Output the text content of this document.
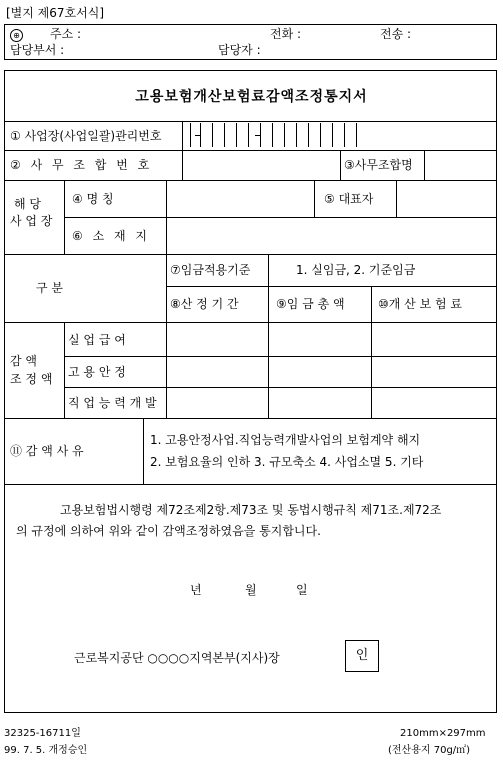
[별지 제67호서식]
⊕	주소 :	전화 :	전송 :
담당부서 :	담당자 :
고용보험개산보험료감액조정통지서
① 사업장(사업일괄)관리번호
② 사 무 조 합 번 호	③사무조합명
해 당
사 업 장
④ 명 칭	⑤ 대표자
⑥ 소 재 지
구 분
⑦임금적용기준	1. 실임금, 2. 기준임금
⑧산 정 기 간	⑨임 금 총 액	⑩개 산 보 험 료
감 액
조 정 액
실 업 급 여
고 용 안 정
직 업 능 력 개 발
⑪ 감 액 사 유
1. 고용안정사업.직업능력개발사업의 보험계약 해지
2. 보험요율의 인하 3. 규모축소 4. 사업소멸 5. 기타
고용보험법시행령 제72조제2항.제73조 및 동법시행규칙 제71조.제72조
의 규정에 의하여 위와 같이 감액조정하였음을 통지합니다.
년	월	일
근로복지공단 ○○○○지역본부(지사)장	인
32325-16711일
99. 7. 5. 개정승인
210mm×297mm
(전산용지 70g/㎡)
